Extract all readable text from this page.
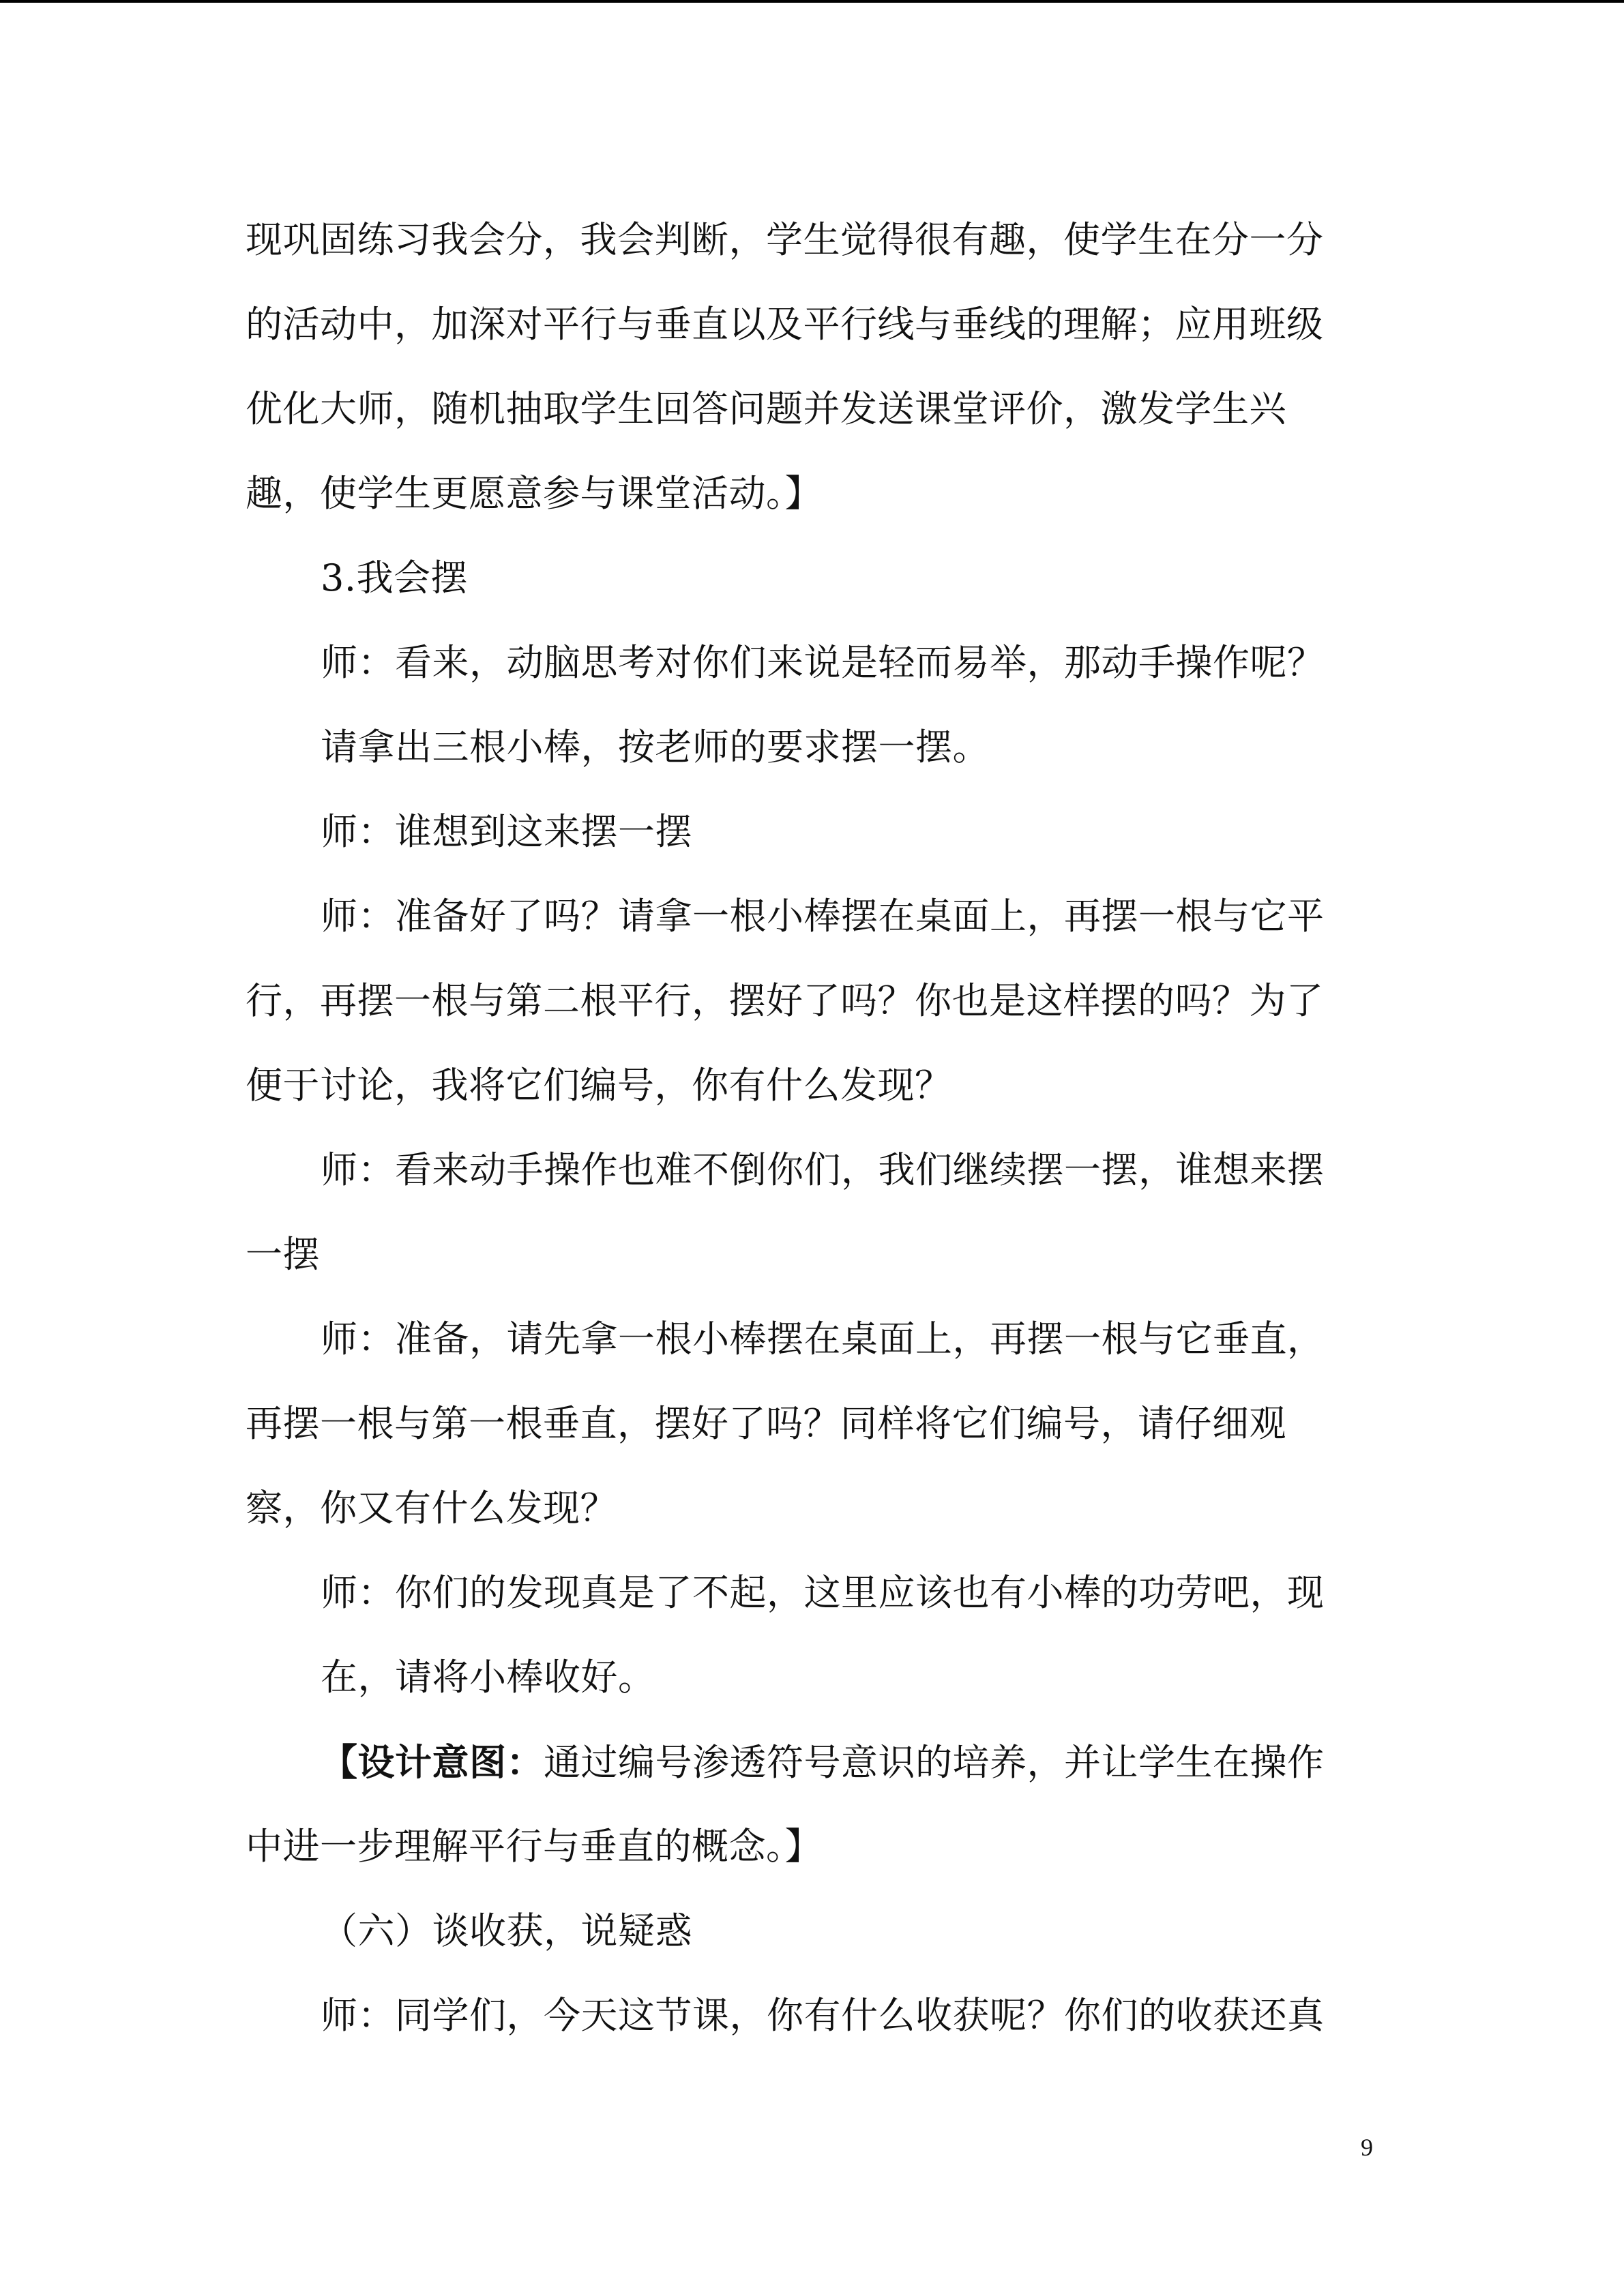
现巩固练习我会分，我会判断，学生觉得很有趣，使学生在分一分
的活动中，加深对平行与垂直以及平行线与垂线的理解；应用班级
优化大师，随机抽取学生回答问题并发送课堂评价，激发学生兴
趣，使学生更愿意参与课堂活动。】
3.我会摆
师：看来，动脑思考对你们来说是轻而易举，那动手操作呢？
请拿出三根小棒，按老师的要求摆一摆。
师：谁想到这来摆一摆
师：准备好了吗？请拿一根小棒摆在桌面上，再摆一根与它平
行，再摆一根与第二根平行，摆好了吗？你也是这样摆的吗？为了
便于讨论，我将它们编号，你有什么发现？
师：看来动手操作也难不倒你们，我们继续摆一摆，谁想来摆
一摆
师：准备，请先拿一根小棒摆在桌面上，再摆一根与它垂直，
再摆一根与第一根垂直，摆好了吗？同样将它们编号，请仔细观
察，你又有什么发现？
师：你们的发现真是了不起，这里应该也有小棒的功劳吧，现
在，请将小棒收好。
【设计意图：通过编号渗透符号意识的培养，并让学生在操作
中进一步理解平行与垂直的概念。】
（六）谈收获，说疑惑
师：同学们，今天这节课，你有什么收获呢？你们的收获还真
9
